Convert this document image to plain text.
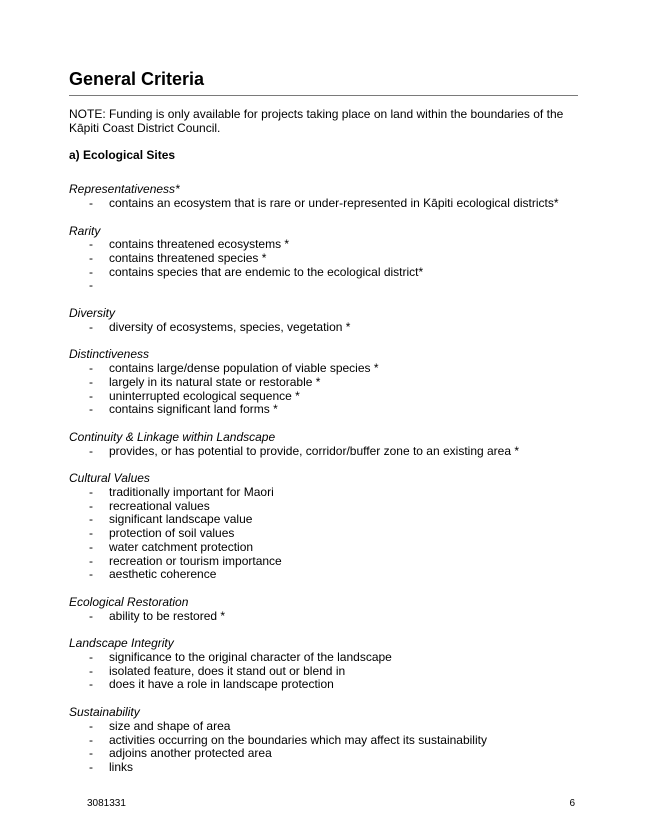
General Criteria

NOTE: Funding is only available for projects taking place on land within the boundaries of the Kāpiti Coast District Council.

a) Ecological Sites

Representativeness*
- contains an ecosystem that is rare or under-represented in Kāpiti ecological districts*
Rarity
- contains threatened ecosystems *
- contains threatened species *
- contains species that are endemic to the ecological district*
-
Diversity
- diversity of ecosystems, species, vegetation *
Distinctiveness
- contains large/dense population of viable species *
- largely in its natural state or restorable *
- uninterrupted ecological sequence *
- contains significant land forms *
Continuity & Linkage within Landscape
- provides, or has potential to provide, corridor/buffer zone to an existing area *
Cultural Values
- traditionally important for Maori
- recreational values
- significant landscape value
- protection of soil values
- water catchment protection
- recreation or tourism importance
- aesthetic coherence
Ecological Restoration
- ability to be restored *
Landscape Integrity
- significance to the original character of the landscape
- isolated feature, does it stand out or blend in
- does it have a role in landscape protection
Sustainability
- size and shape of area
- activities occurring on the boundaries which may affect its sustainability
- adjoins another protected area
- links
3081331	6
